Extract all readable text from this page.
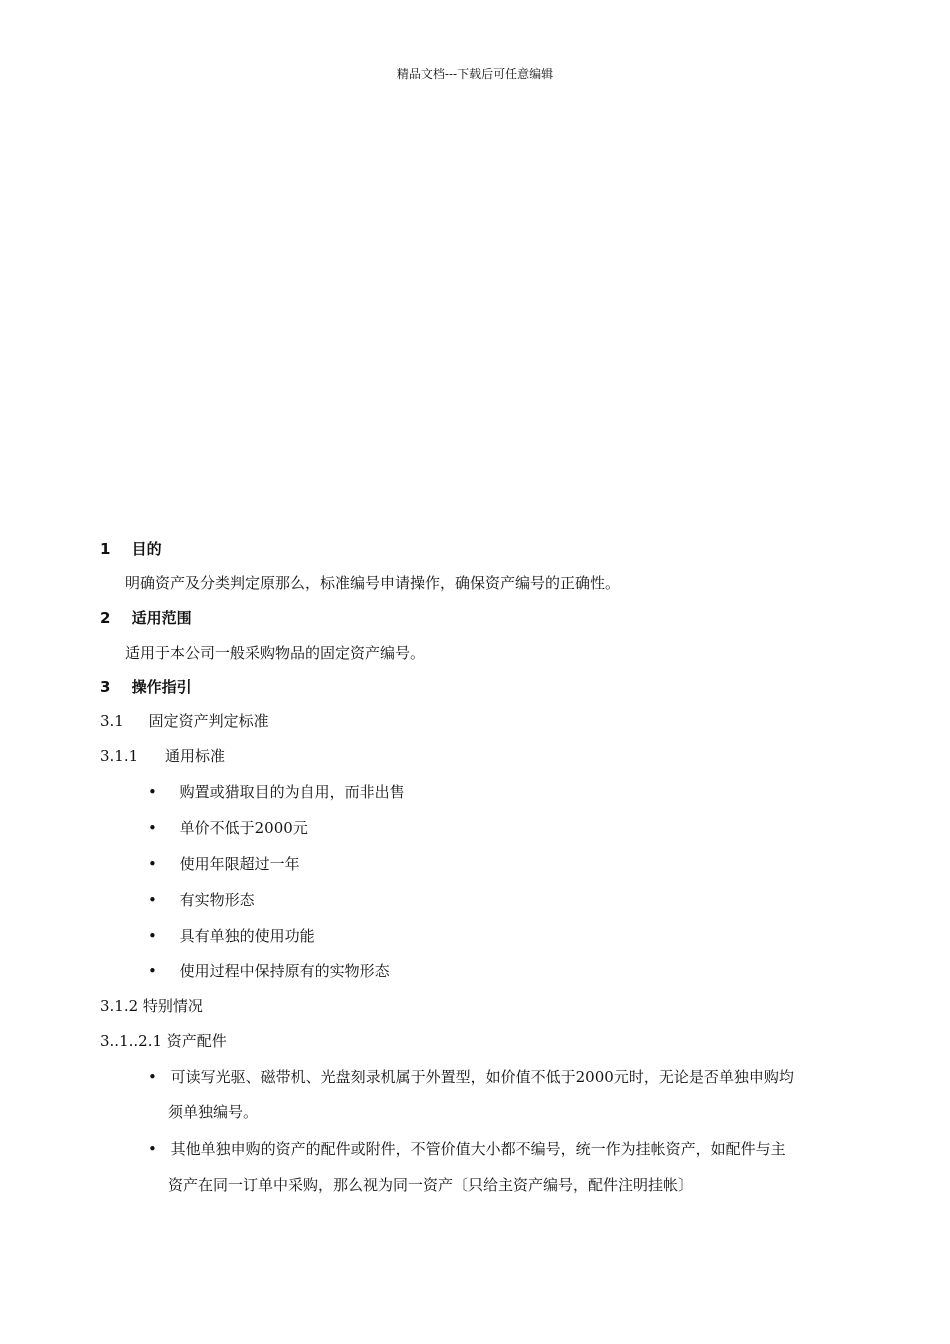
精品文档---下载后可任意编辑
1 目的
明确资产及分类判定原那么，标准编号申请操作，确保资产编号的正确性。
2 适用范围
适用于本公司一般采购物品的固定资产编号。
3 操作指引
3.1 固定资产判定标准
3.1.1 通用标准
• 购置或猎取目的为自用，而非出售
• 单价不低于2000元
• 使用年限超过一年
• 有实物形态
• 具有单独的使用功能
• 使用过程中保持原有的实物形态
3.1.2 特别情况
3..1..2.1 资产配件
• 可读写光驱、磁带机、光盘刻录机属于外置型，如价值不低于2000元时，无论是否单独申购均
须单独编号。
• 其他单独申购的资产的配件或附件，不管价值大小都不编号，统一作为挂帐资产，如配件与主
资产在同一订单中采购，那么视为同一资产〔只给主资产编号，配件注明挂帐〕
